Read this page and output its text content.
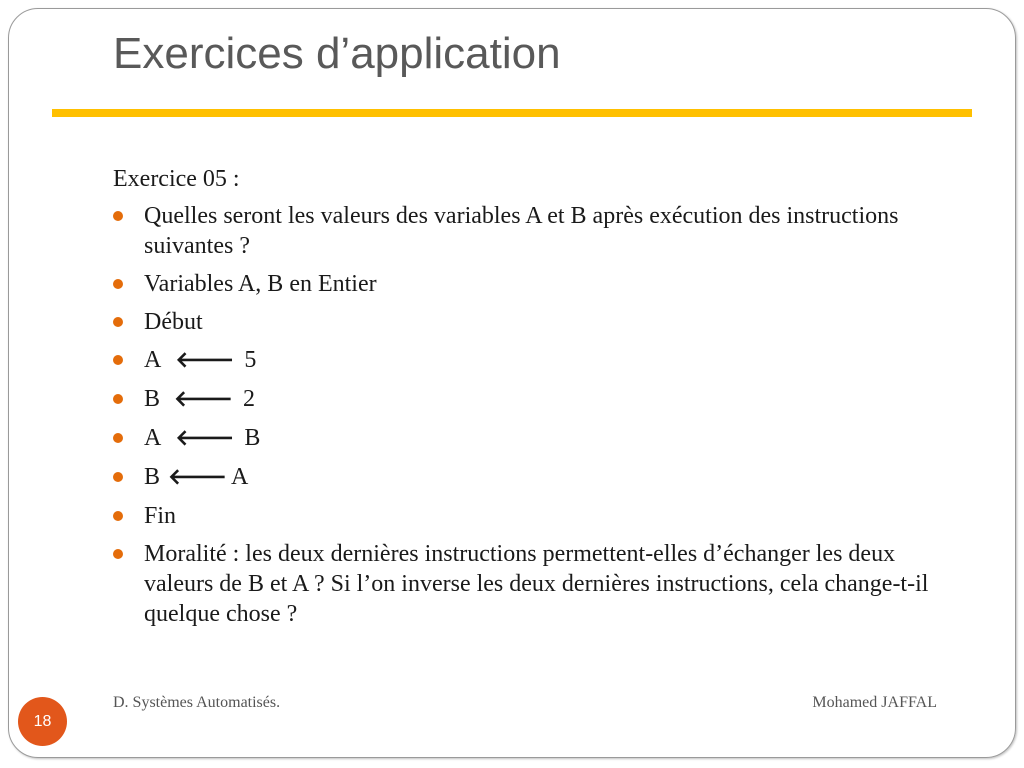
Exercices d’application
Exercice 05 :
Quelles seront les valeurs des variables A et B après exécution des instructions suivantes ?
Variables A, B en Entier
Début
A 🡐 5
B 🡐 2
A 🡐 B
B 🡐 A
Fin
Moralité : les deux dernières instructions permettent-elles d’échanger les deux valeurs de B et A ? Si l’on inverse les deux dernières instructions, cela change-t-il quelque chose ?
D. Systèmes Automatisés.	Mohamed JAFFAL
18
